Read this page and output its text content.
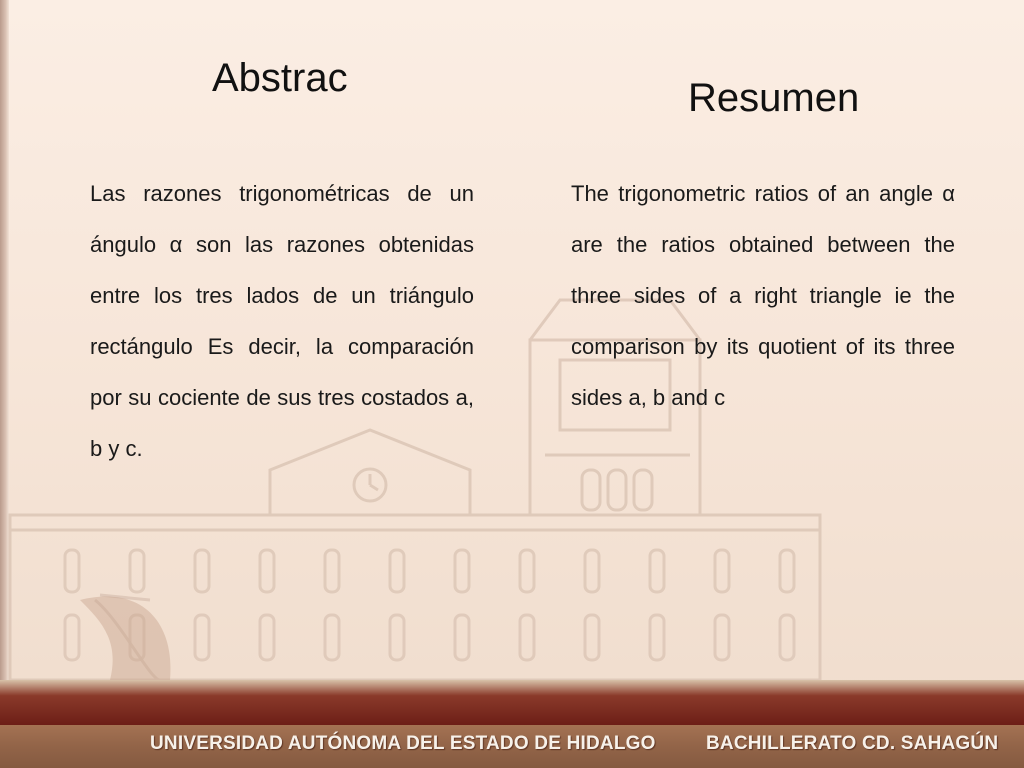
Abstrac	Resumen

Las razones trigonométricas de un ángulo α son las razones obtenidas entre los tres lados de un triángulo rectángulo Es decir, la comparación por su cociente de sus tres costados a, b y c.

The trigonometric ratios of an angle α are the ratios obtained between the three sides of a right triangle ie the comparison by its quotient of its three sides a, b and c

UNIVERSIDAD AUTÓNOMA DEL ESTADO DE HIDALGO	BACHILLERATO CD. SAHAGÚN
